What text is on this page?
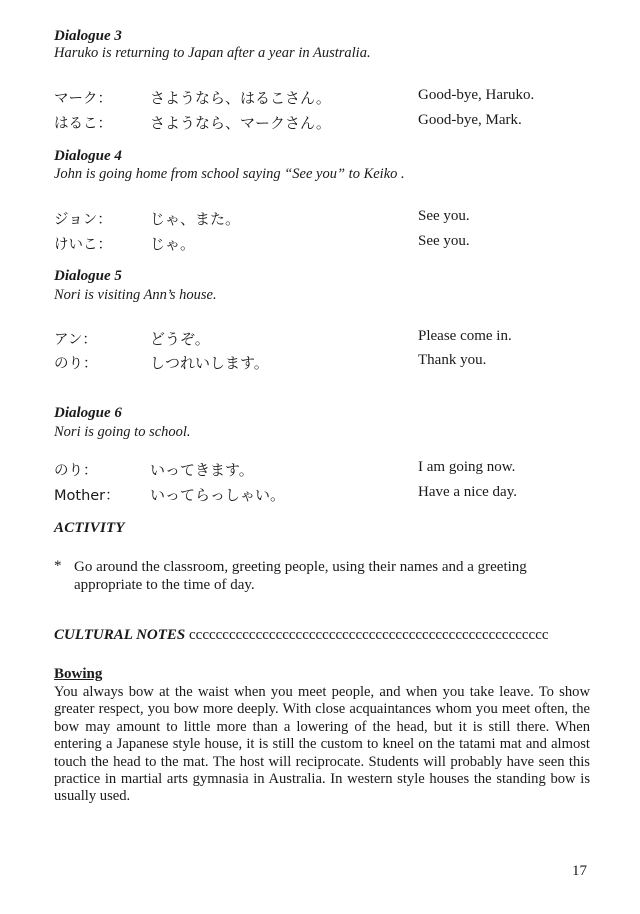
Dialogue 3
Haruko is returning to Japan after a year in Australia.
マーク：	さようなら、はるこさん。	Good-bye, Haruko.
はるこ：	さようなら、マークさん。	Good-bye, Mark.
Dialogue 4
John is going home from school saying “See you” to Keiko .
ジョン：	じゃ、また。	See you.
けいこ：	じゃ。	See you.
Dialogue 5
Nori is visiting Ann’s house.
アン：	どうぞ。	Please come in.
のり：	しつれいします。	Thank you.
Dialogue 6
Nori is going to school.
のり：	いってきます。	I am going now.
Mother： いってらっしゃい。	Have a nice day.
ACTIVITY
* Go around the classroom, greeting people, using their names and a greeting appropriate to the time of day.
CULTURAL NOTES cccccccccccccccccccccccccccccccccccccccccccccccccccccc
Bowing
You always bow at the waist when you meet people, and when you take leave. To show greater respect, you bow more deeply. With close acquaintances whom you meet often, the bow may amount to little more than a lowering of the head, but it is still there. When entering a Japanese style house, it is still the custom to kneel on the tatami mat and almost touch the head to the mat. The host will reciprocate. Students will probably have seen this practice in martial arts gymnasia in Australia. In western style houses the standing bow is usually used.
17
